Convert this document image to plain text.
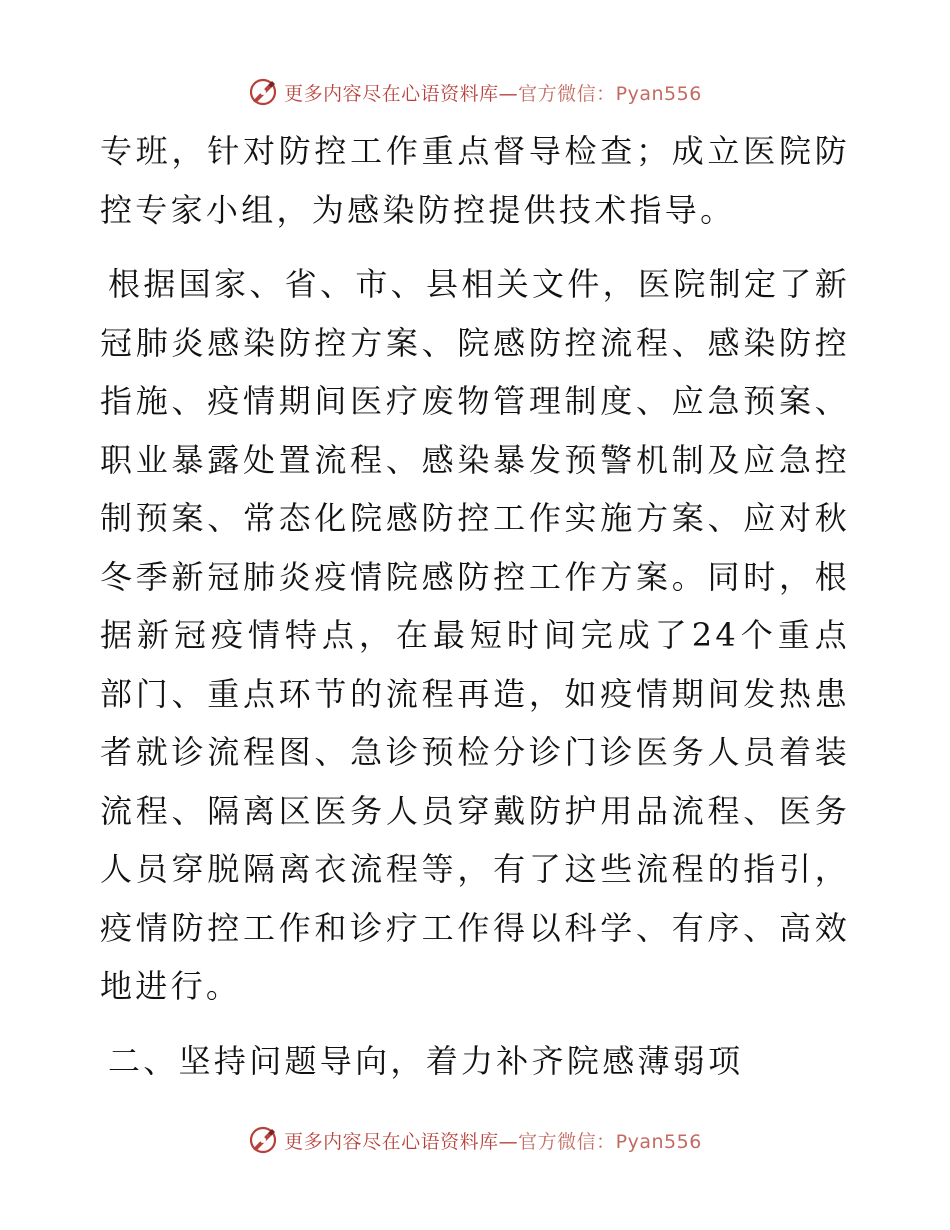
更多内容尽在心语资料库—官方微信：Pyan556

专班，针对防控工作重点督导检查；成立医院防控专家小组，为感染防控提供技术指导。

根据国家、省、市、县相关文件，医院制定了新冠肺炎感染防控方案、院感防控流程、感染防控指施、疫情期间医疗废物管理制度、应急预案、职业暴露处置流程、感染暴发预警机制及应急控制预案、常态化院感防控工作实施方案、应对秋冬季新冠肺炎疫情院感防控工作方案。同时，根据新冠疫情特点，在最短时间完成了24个重点部门、重点环节的流程再造，如疫情期间发热患者就诊流程图、急诊预检分诊门诊医务人员着装流程、隔离区医务人员穿戴防护用品流程、医务人员穿脱隔离衣流程等，有了这些流程的指引，疫情防控工作和诊疗工作得以科学、有序、高效地进行。

二、坚持问题导向，着力补齐院感薄弱项

更多内容尽在心语资料库—官方微信：Pyan556
